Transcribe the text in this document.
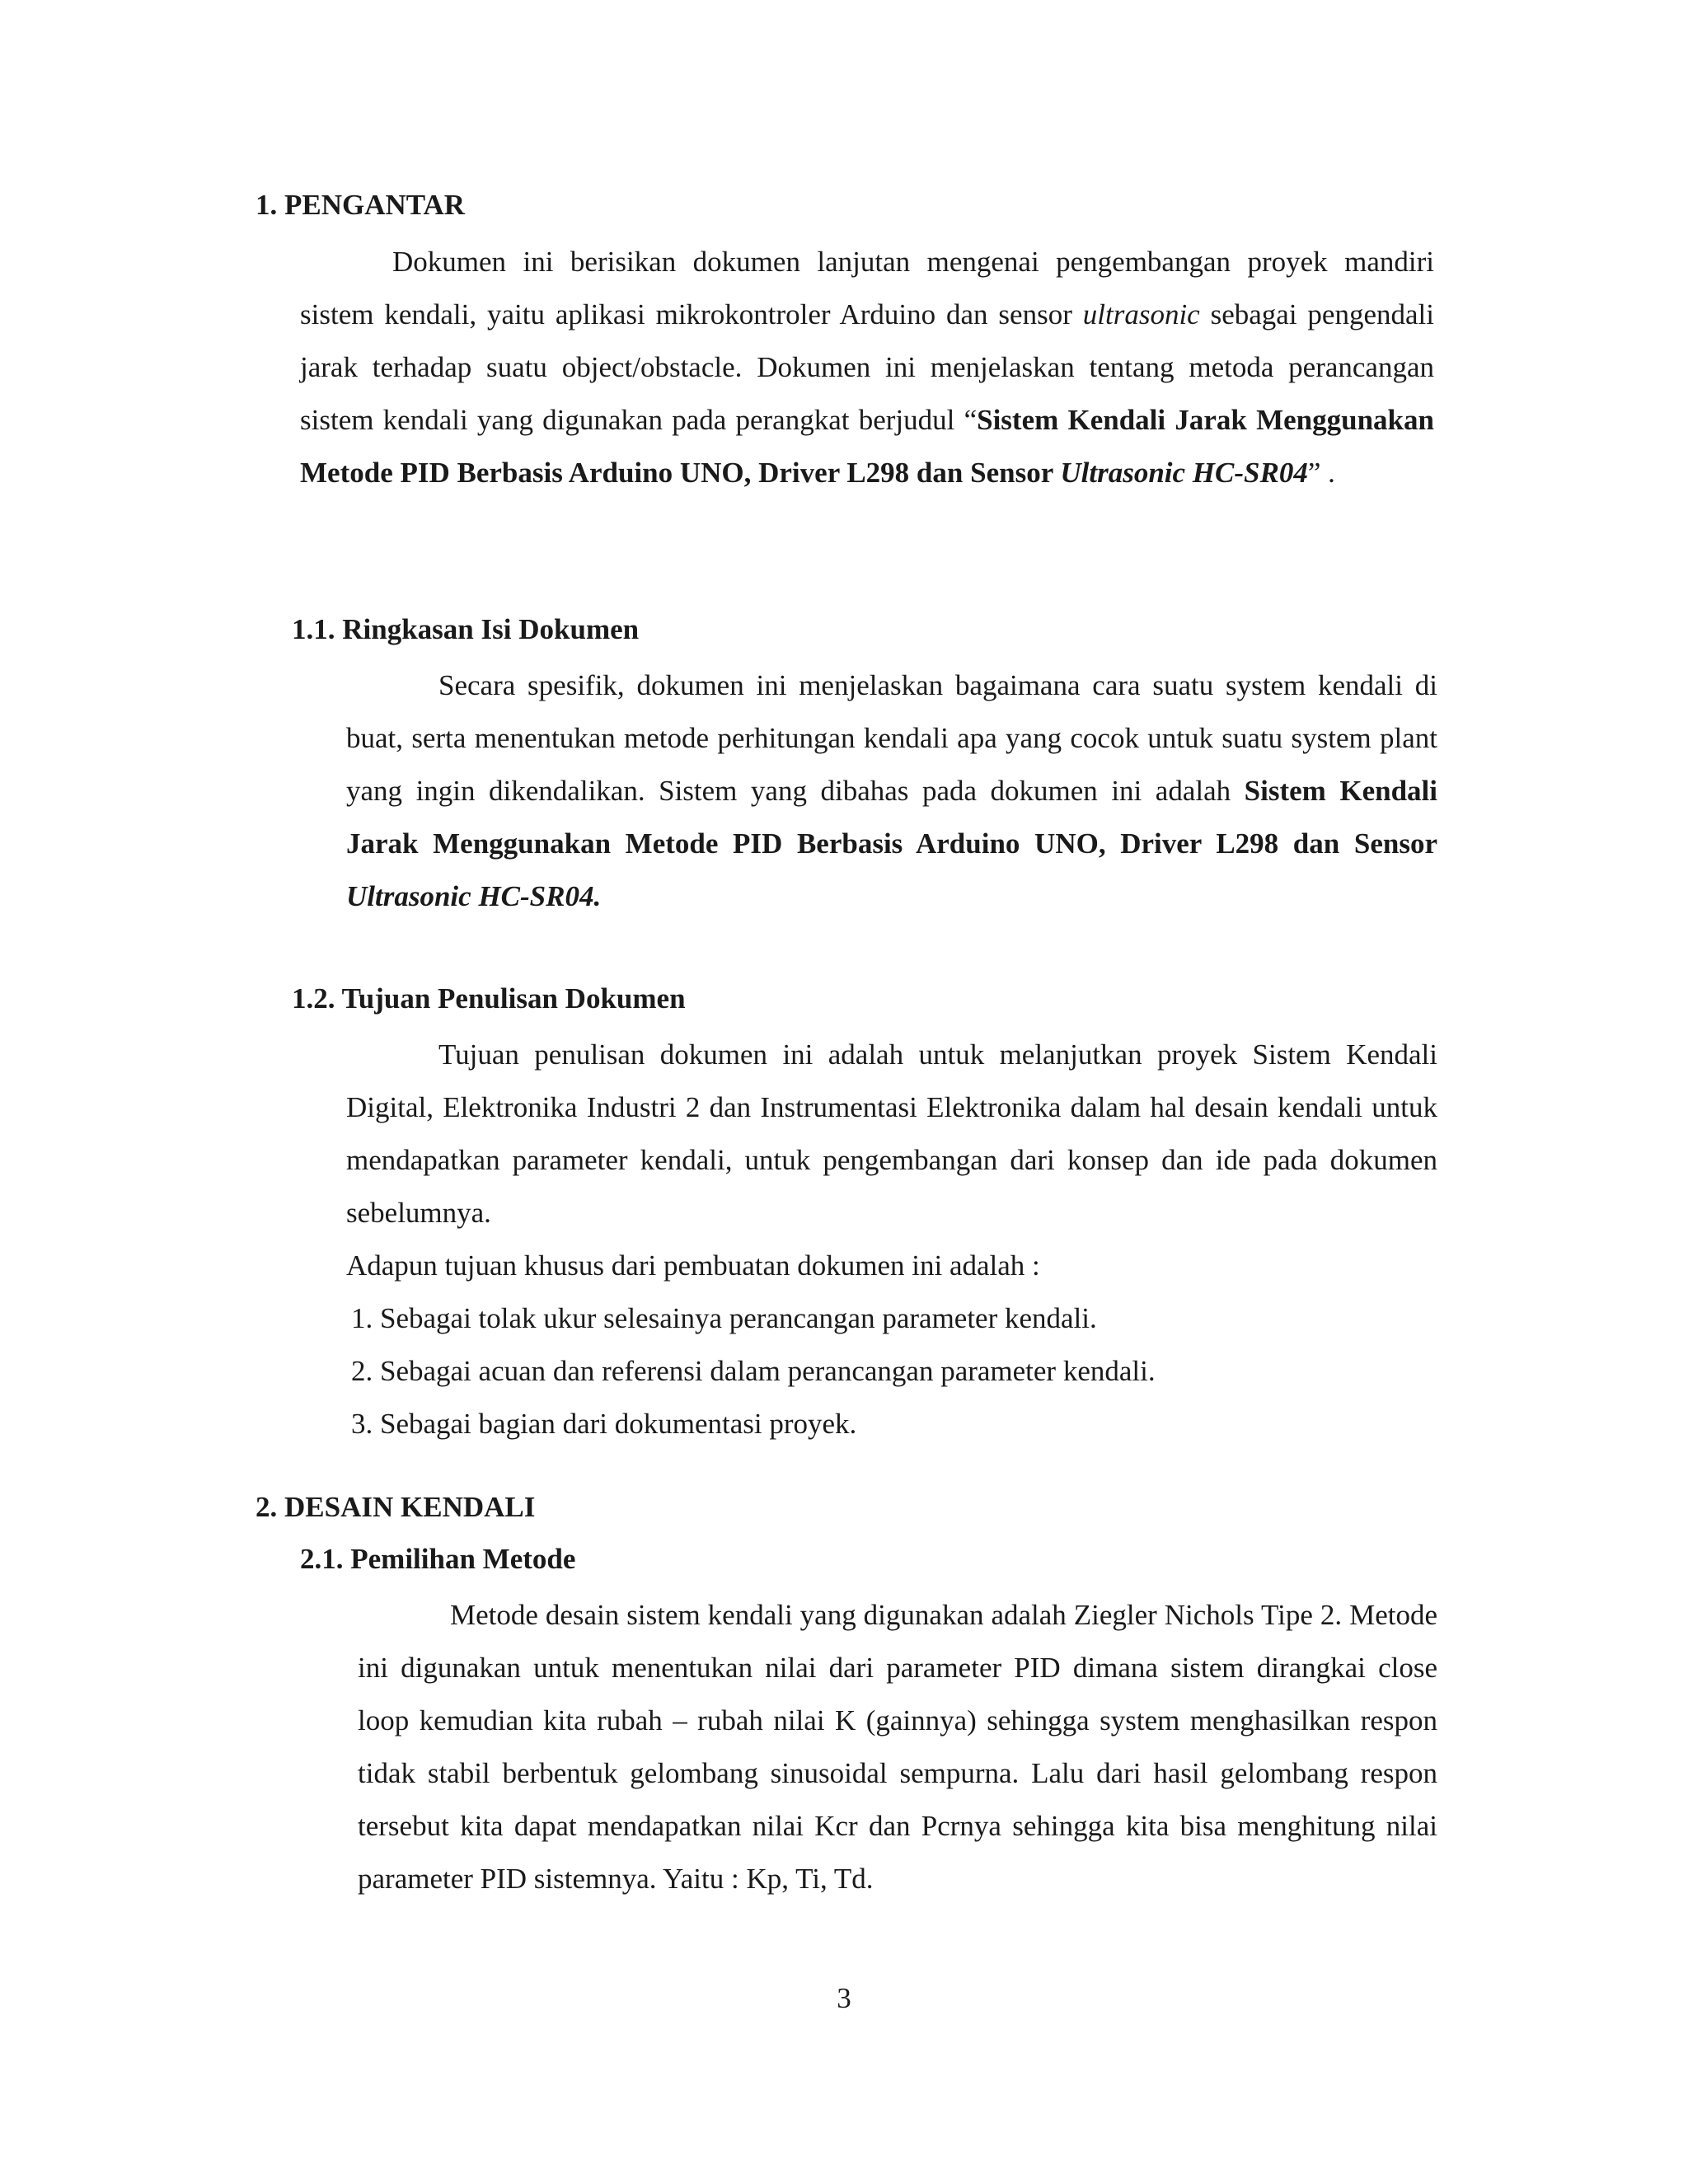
1. PENGANTAR

Dokumen ini berisikan dokumen lanjutan mengenai pengembangan proyek mandiri sistem kendali, yaitu aplikasi mikrokontroler Arduino dan sensor ultrasonic sebagai pengendali jarak terhadap suatu object/obstacle. Dokumen ini menjelaskan tentang metoda perancangan sistem kendali yang digunakan pada perangkat berjudul “Sistem Kendali Jarak Menggunakan Metode PID Berbasis Arduino UNO, Driver L298 dan Sensor Ultrasonic HC-SR04” .

1.1. Ringkasan Isi Dokumen

Secara spesifik, dokumen ini menjelaskan bagaimana cara suatu system kendali di buat, serta menentukan metode perhitungan kendali apa yang cocok untuk suatu system plant yang ingin dikendalikan. Sistem yang dibahas pada dokumen ini adalah Sistem Kendali Jarak Menggunakan Metode PID Berbasis Arduino UNO, Driver L298 dan Sensor Ultrasonic HC-SR04.

1.2. Tujuan Penulisan Dokumen

Tujuan penulisan dokumen ini adalah untuk melanjutkan proyek Sistem Kendali Digital, Elektronika Industri 2 dan Instrumentasi Elektronika dalam hal desain kendali untuk mendapatkan parameter kendali, untuk pengembangan dari konsep dan ide pada dokumen sebelumnya.

Adapun tujuan khusus dari pembuatan dokumen ini adalah :

1. Sebagai tolak ukur selesainya perancangan parameter kendali.
2. Sebagai acuan dan referensi dalam perancangan parameter kendali.
3. Sebagai bagian dari dokumentasi proyek.
2. DESAIN KENDALI
2.1. Pemilihan Metode

Metode desain sistem kendali yang digunakan adalah Ziegler Nichols Tipe 2. Metode ini digunakan untuk menentukan nilai dari parameter PID dimana sistem dirangkai close loop kemudian kita rubah – rubah nilai K (gainnya) sehingga system menghasilkan respon tidak stabil berbentuk gelombang sinusoidal sempurna. Lalu dari hasil gelombang respon tersebut kita dapat mendapatkan nilai Kcr dan Pcrnya sehingga kita bisa menghitung nilai parameter PID sistemnya. Yaitu : Kp, Ti, Td.

3
